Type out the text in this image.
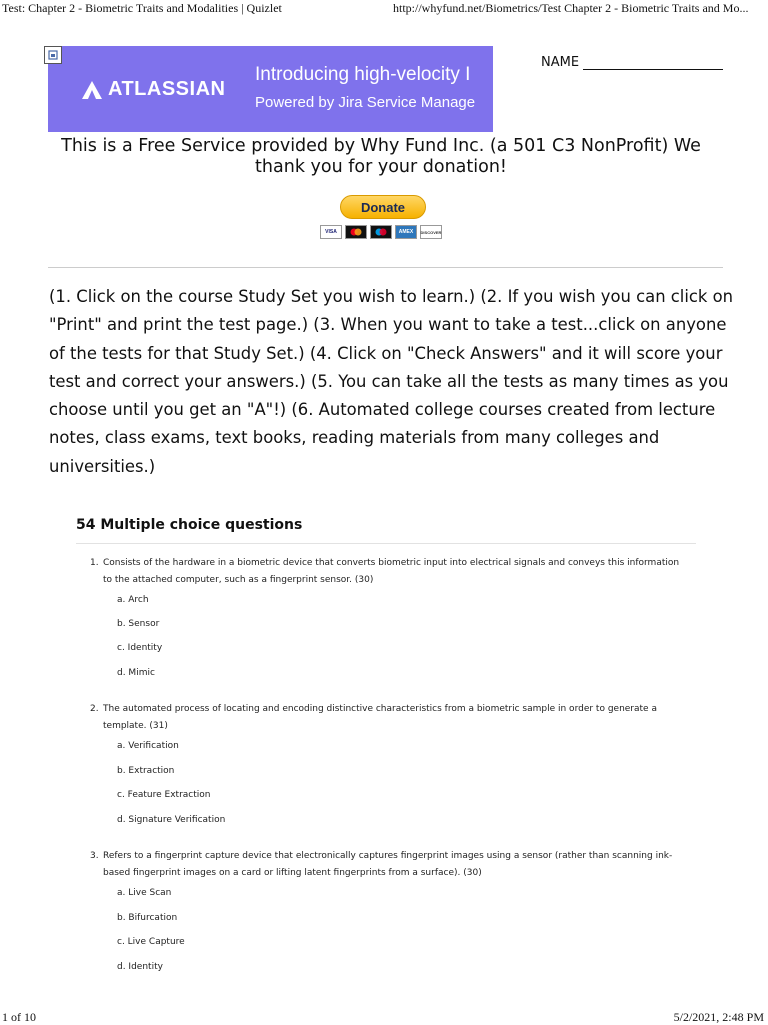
Test: Chapter 2 - Biometric Traits and Modalities | Quizlet	http://whyfund.net/Biometrics/Test Chapter 2 - Biometric Traits and Mo...
ATLASSIAN
Introducing high-velocity I
Powered by Jira Service Manage
NAME
This is a Free Service provided by Why Fund Inc. (a 501 C3 NonProfit) We thank you for your donation!
Donate
VISA	AMEX DISCOVER
(1. Click on the course Study Set you wish to learn.) (2. If you wish you can click on "Print" and print the test page.) (3. When you want to take a test...click on anyone of the tests for that Study Set.) (4. Click on "Check Answers" and it will score your test and correct your answers.) (5. You can take all the tests as many times as you choose until you get an "A"!) (6. Automated college courses created from lecture notes, class exams, text books, reading materials from many colleges and universities.)
54 Multiple choice questions
1. Consists of the hardware in a biometric device that converts biometric input into electrical signals and conveys this information to the attached computer, such as a fingerprint sensor. (30)
a. Arch
b. Sensor
c. Identity
d. Mimic
2. The automated process of locating and encoding distinctive characteristics from a biometric sample in order to generate a template. (31)
a. Verification
b. Extraction
c. Feature Extraction
d. Signature Verification
3. Refers to a fingerprint capture device that electronically captures fingerprint images using a sensor (rather than scanning ink-based fingerprint images on a card or lifting latent fingerprints from a surface). (30)
a. Live Scan
b. Bifurcation
c. Live Capture
d. Identity
1 of 10	5/2/2021, 2:48 PM
